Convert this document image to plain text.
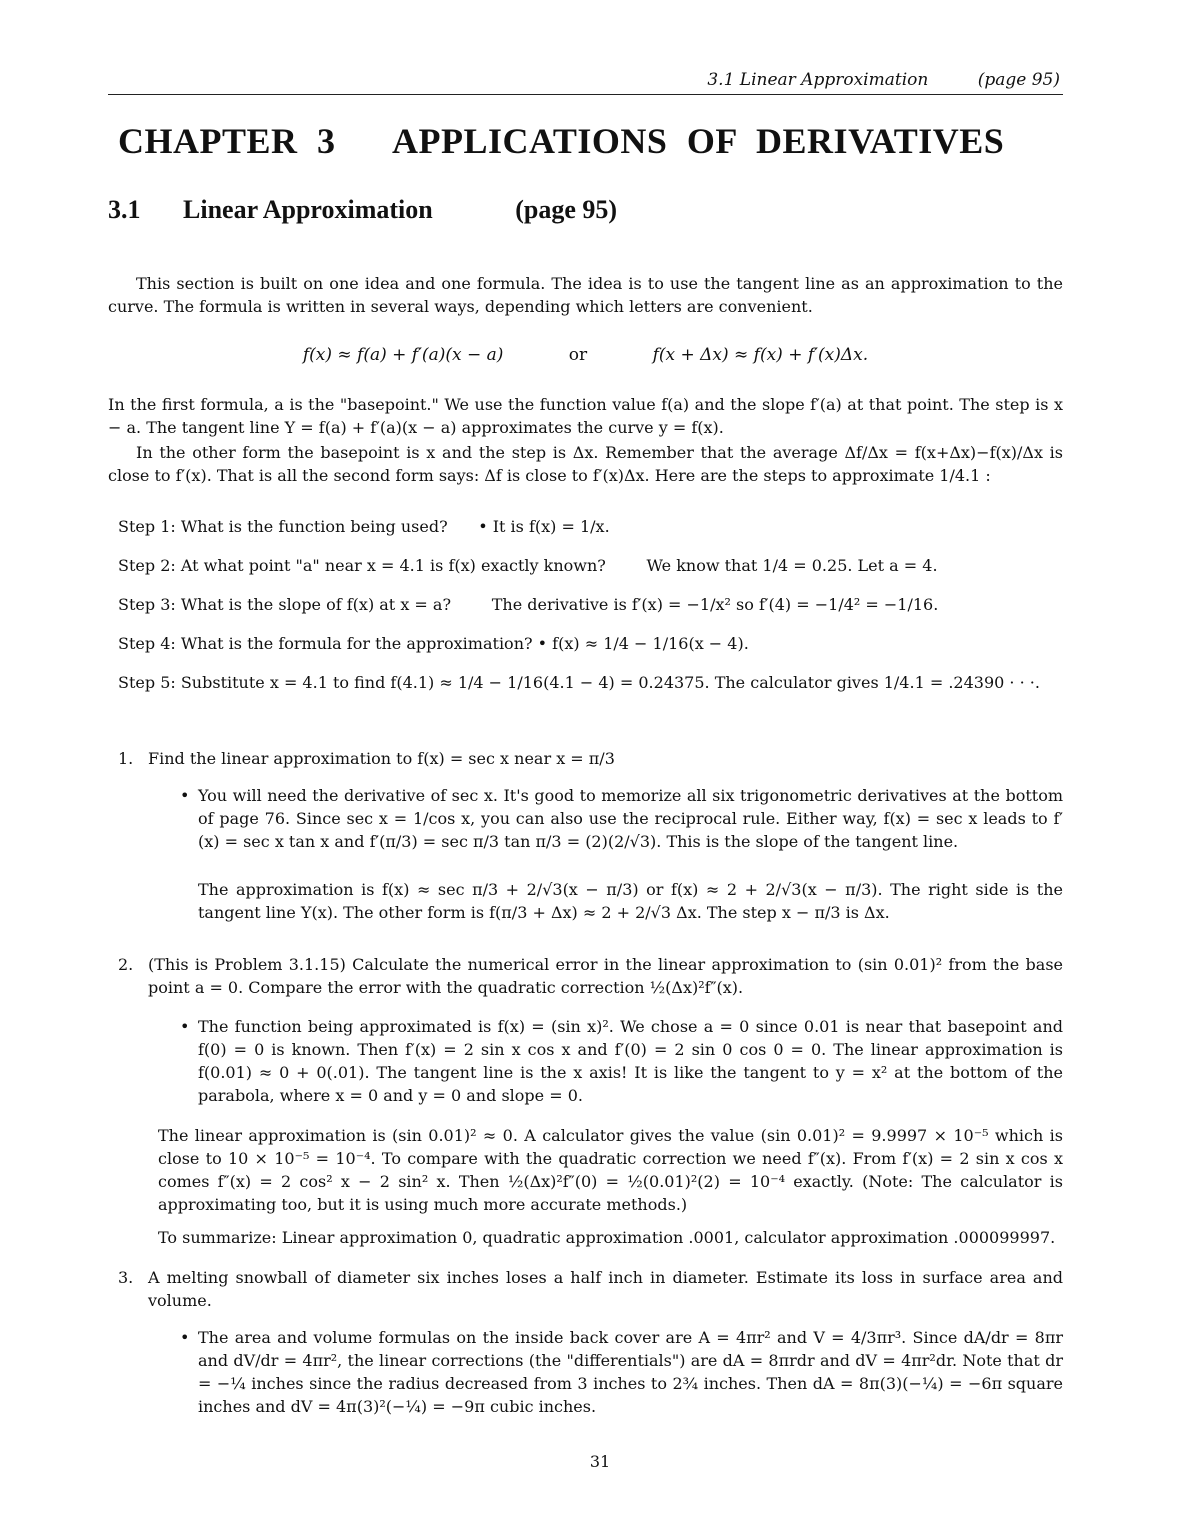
3.1 Linear Approximation	(page 95)
CHAPTER 3   APPLICATIONS OF DERIVATIVES
3.1 Linear Approximation	(page 95)
This section is built on one idea and one formula. The idea is to use the tangent line as an approximation to the curve. The formula is written in several ways, depending which letters are convenient.
f(x) ≈ f(a) + f′(a)(x − a)	or	f(x + Δx) ≈ f(x) + f′(x)Δx.
In the first formula, a is the "basepoint." We use the function value f(a) and the slope f′(a) at that point. The step is x − a. The tangent line Y = f(a) + f′(a)(x − a) approximates the curve y = f(x).
In the other form the basepoint is x and the step is Δx. Remember that the average Δf/Δx = f(x+Δx)−f(x)/Δx is close to f′(x). That is all the second form says: Δf is close to f′(x)Δx. Here are the steps to approximate 1/4.1 :
Step 1: What is the function being used?      • It is f(x) = 1/x.
Step 2: At what point "a" near x = 4.1 is f(x) exactly known?        We know that 1/4 = 0.25. Let a = 4.
Step 3: What is the slope of f(x) at x = a?        The derivative is f′(x) = −1/x² so f′(4) = −1/4² = −1/16.
Step 4: What is the formula for the approximation? • f(x) ≈ 1/4 − 1/16(x − 4).
Step 5: Substitute x = 4.1 to find f(4.1) ≈ 1/4 − 1/16(4.1 − 4) = 0.24375. The calculator gives 1/4.1 = .24390 · · ·.
1. Find the linear approximation to f(x) = sec x near x = π/3
• You will need the derivative of sec x. It's good to memorize all six trigonometric derivatives at the bottom of page 76. Since sec x = 1/cos x, you can also use the reciprocal rule. Either way, f(x) = sec x leads to f′(x) = sec x tan x and f′(π/3) = sec π/3 tan π/3 = (2)(2/√3). This is the slope of the tangent line.
The approximation is f(x) ≈ sec π/3 + 2/√3(x − π/3) or f(x) ≈ 2 + 2/√3(x − π/3). The right side is the tangent line Y(x). The other form is f(π/3 + Δx) ≈ 2 + 2/√3 Δx. The step x − π/3 is Δx.
2. (This is Problem 3.1.15) Calculate the numerical error in the linear approximation to (sin 0.01)² from the base point a = 0. Compare the error with the quadratic correction ½(Δx)²f″(x).
• The function being approximated is f(x) = (sin x)². We chose a = 0 since 0.01 is near that basepoint and f(0) = 0 is known. Then f′(x) = 2 sin x cos x and f′(0) = 2 sin 0 cos 0 = 0. The linear approximation is f(0.01) ≈ 0 + 0(.01). The tangent line is the x axis! It is like the tangent to y = x² at the bottom of the parabola, where x = 0 and y = 0 and slope = 0.
The linear approximation is (sin 0.01)² ≈ 0. A calculator gives the value (sin 0.01)² = 9.9997 × 10⁻⁵ which is close to 10 × 10⁻⁵ = 10⁻⁴. To compare with the quadratic correction we need f″(x). From f′(x) = 2 sin x cos x comes f″(x) = 2 cos² x − 2 sin² x. Then ½(Δx)²f″(0) = ½(0.01)²(2) = 10⁻⁴ exactly. (Note: The calculator is approximating too, but it is using much more accurate methods.)
To summarize: Linear approximation 0, quadratic approximation .0001, calculator approximation .000099997.
3. A melting snowball of diameter six inches loses a half inch in diameter. Estimate its loss in surface area and volume.
• The area and volume formulas on the inside back cover are A = 4πr² and V = 4/3πr³. Since dA/dr = 8πr and dV/dr = 4πr², the linear corrections (the "differentials") are dA = 8πrdr and dV = 4πr²dr. Note that dr = −¼ inches since the radius decreased from 3 inches to 2¾ inches. Then dA = 8π(3)(−¼) = −6π square inches and dV = 4π(3)²(−¼) = −9π cubic inches.
31
